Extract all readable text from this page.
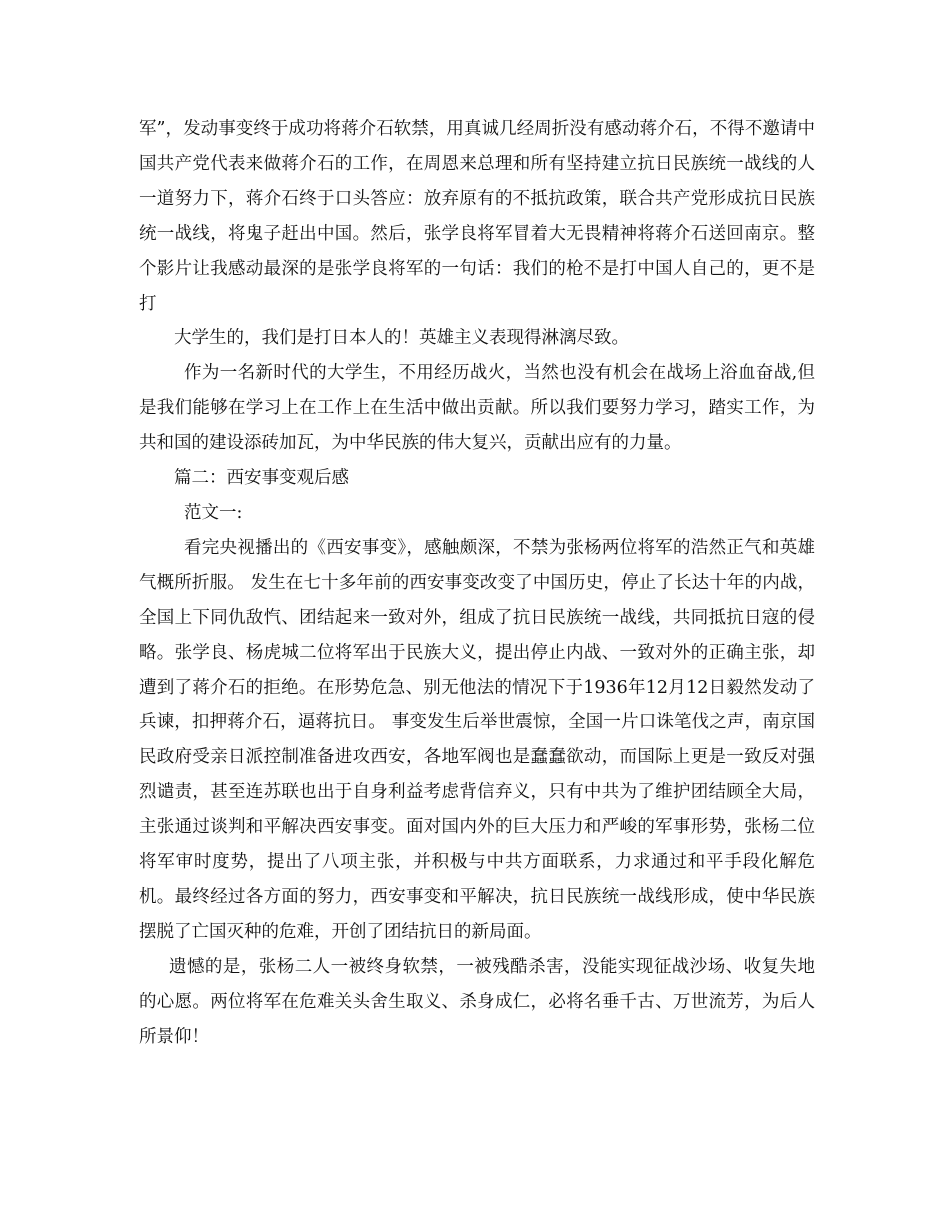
军”，发动事变终于成功将蒋介石软禁，用真诚几经周折没有感动蒋介石，不得不邀请中国共产党代表来做蒋介石的工作，在周恩来总理和所有坚持建立抗日民族统一战线的人一道努力下，蒋介石终于口头答应：放弃原有的不抵抗政策，联合共产党形成抗日民族统一战线，将鬼子赶出中国。然后，张学良将军冒着大无畏精神将蒋介石送回南京。整个影片让我感动最深的是张学良将军的一句话：我们的枪不是打中国人自己的，更不是打

大学生的，我们是打日本人的！英雄主义表现得淋漓尽致。

作为一名新时代的大学生，不用经历战火，当然也没有机会在战场上浴血奋战,但是我们能够在学习上在工作上在生活中做出贡献。所以我们要努力学习，踏实工作，为共和国的建设添砖加瓦，为中华民族的伟大复兴，贡献出应有的力量。

篇二：西安事变观后感

范文一:

看完央视播出的《西安事变》，感触颇深，不禁为张杨两位将军的浩然正气和英雄气概所折服。 发生在七十多年前的西安事变改变了中国历史，停止了长达十年的内战，全国上下同仇敌忾、团结起来一致对外，组成了抗日民族统一战线，共同抵抗日寇的侵略。张学良、杨虎城二位将军出于民族大义，提出停止内战、一致对外的正确主张，却遭到了蒋介石的拒绝。在形势危急、别无他法的情况下于1936年12月12日毅然发动了兵谏，扣押蒋介石，逼蒋抗日。 事变发生后举世震惊，全国一片口诛笔伐之声，南京国民政府受亲日派控制准备进攻西安，各地军阀也是蠢蠢欲动，而国际上更是一致反对强烈谴责，甚至连苏联也出于自身利益考虑背信弃义，只有中共为了维护团结顾全大局，主张通过谈判和平解决西安事变。面对国内外的巨大压力和严峻的军事形势，张杨二位将军审时度势，提出了八项主张，并积极与中共方面联系，力求通过和平手段化解危机。最终经过各方面的努力，西安事变和平解决，抗日民族统一战线形成，使中华民族摆脱了亡国灭种的危难，开创了团结抗日的新局面。

遗憾的是，张杨二人一被终身软禁，一被残酷杀害，没能实现征战沙场、收复失地的心愿。两位将军在危难关头舍生取义、杀身成仁，必将名垂千古、万世流芳，为后人所景仰！
